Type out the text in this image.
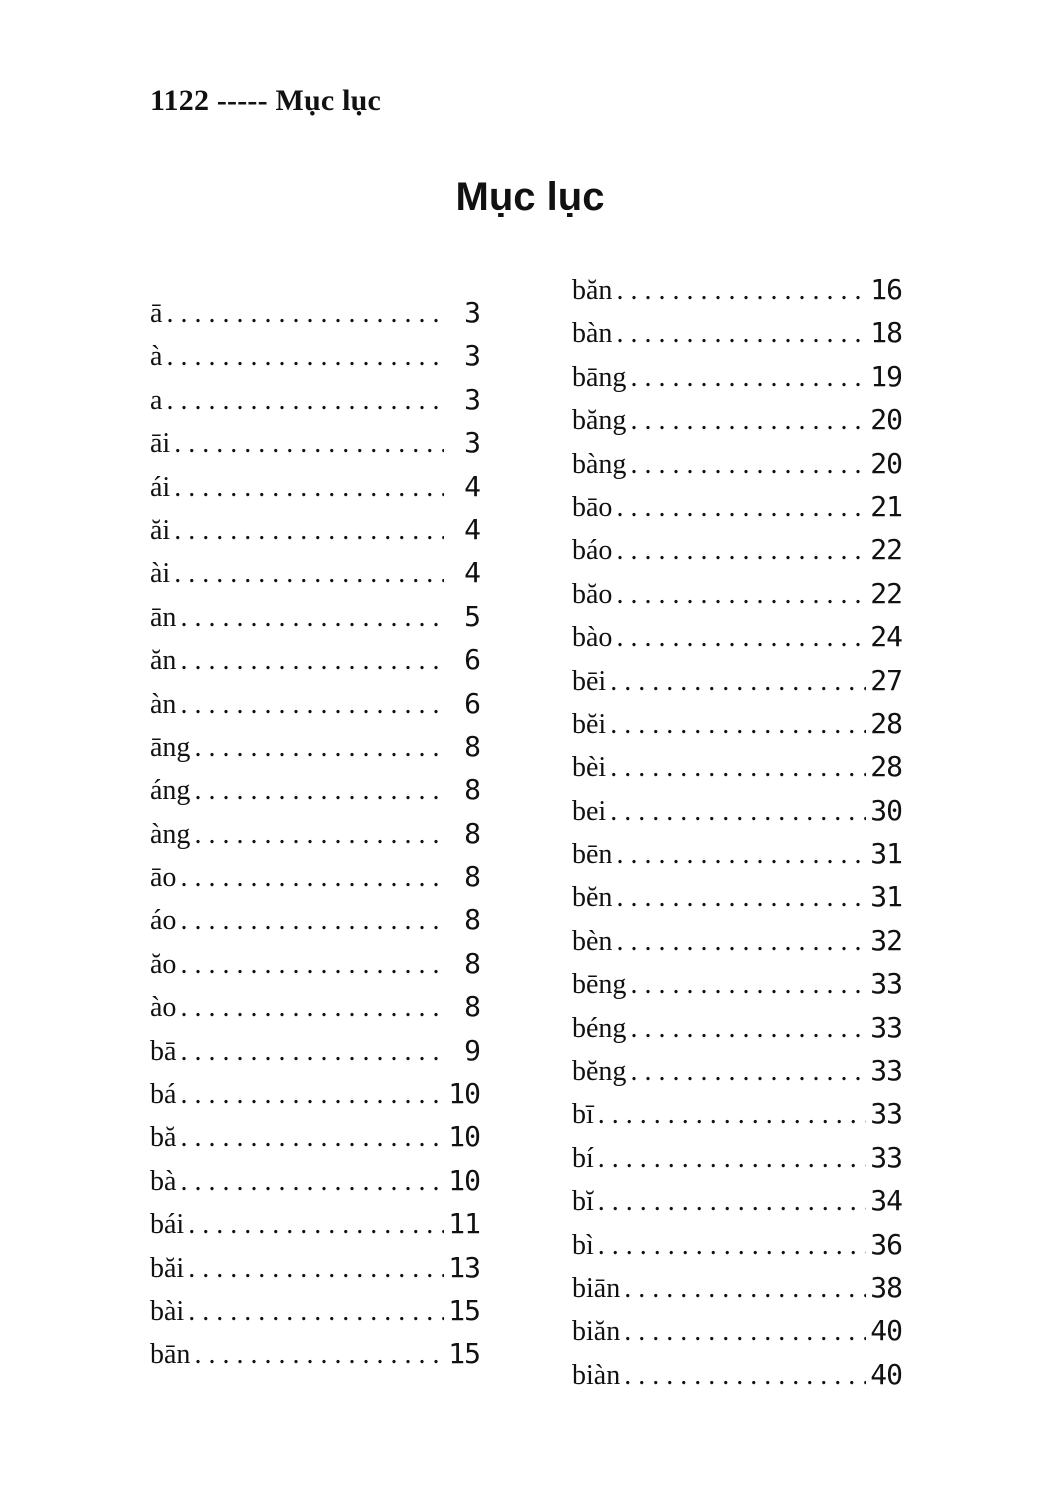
1122 ----- Mục lục
Mục lục
ā . . .	3
à . . .	3
a . . .	3
āi . . .	3
ái . . .	4
ăi . . .	4
ài . . .	4
ān . . .	5
ăn . . .	6
àn . . .	6
āng . . .	8
áng . . .	8
àng . . .	8
āo . . .	8
áo . . .	8
ăo . . .	8
ào . . .	8
bā . . .	9
bá . . .	10
bă . . .	10
bà . . .	10
bái . . .	11
băi . . .	13
bài . . .	15
bān . . .	15
băn . . .	16
bàn . . .	18
bāng . . .	19
băng . . .	20
bàng . . .	20
bāo . . .	21
báo . . .	22
băo . . .	22
bào . . .	24
bēi . . .	27
bĕi . . .	28
bèi . . .	28
bei . . .	30
bēn . . .	31
bĕn . . .	31
bèn . . .	32
bēng . . .	33
béng . . .	33
bĕng . . .	33
bī . . .	33
bí . . .	33
bĭ . . .	34
bì . . .	36
biān . . .	38
biăn . . .	40
biàn . . .	40
